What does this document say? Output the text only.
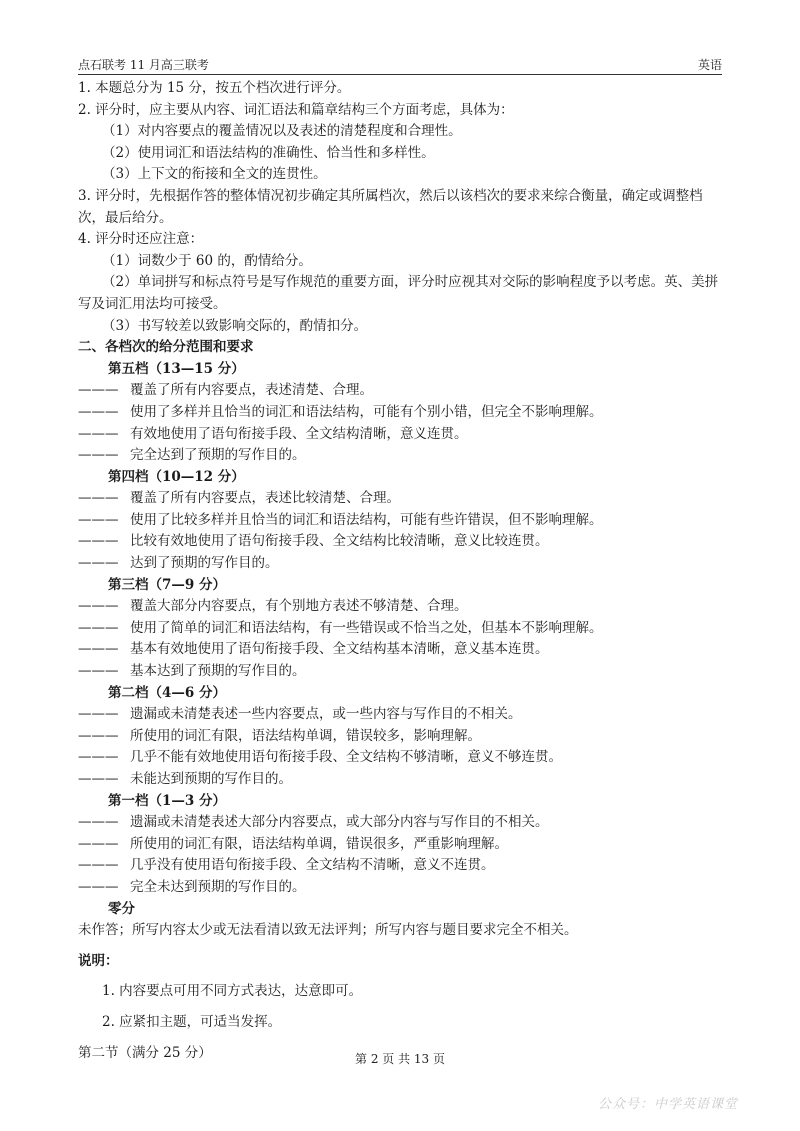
点石联考 11 月高三联考	英语
1. 本题总分为 15 分，按五个档次进行评分。
2. 评分时，应主要从内容、词汇语法和篇章结构三个方面考虑，具体为：
（1）对内容要点的覆盖情况以及表述的清楚程度和合理性。
（2）使用词汇和语法结构的准确性、恰当性和多样性。
（3）上下文的衔接和全文的连贯性。
3. 评分时，先根据作答的整体情况初步确定其所属档次，然后以该档次的要求来综合衡量，确定或调整档次，最后给分。
4. 评分时还应注意：
（1）词数少于 60 的，酌情给分。
（2）单词拼写和标点符号是写作规范的重要方面，评分时应视其对交际的影响程度予以考虑。英、美拼写及词汇用法均可接受。
（3）书写较差以致影响交际的，酌情扣分。
二、各档次的给分范围和要求
第五档（13—15 分）
——— 覆盖了所有内容要点，表述清楚、合理。
——— 使用了多样并且恰当的词汇和语法结构，可能有个别小错，但完全不影响理解。
——— 有效地使用了语句衔接手段、全文结构清晰，意义连贯。
——— 完全达到了预期的写作目的。
第四档（10—12 分）
——— 覆盖了所有内容要点，表述比较清楚、合理。
——— 使用了比较多样并且恰当的词汇和语法结构，可能有些许错误，但不影响理解。
——— 比较有效地使用了语句衔接手段、全文结构比较清晰，意义比较连贯。
——— 达到了预期的写作目的。
第三档（7—9 分）
——— 覆盖大部分内容要点，有个别地方表述不够清楚、合理。
——— 使用了简单的词汇和语法结构，有一些错误或不恰当之处，但基本不影响理解。
——— 基本有效地使用了语句衔接手段、全文结构基本清晰，意义基本连贯。
——— 基本达到了预期的写作目的。
第二档（4—6 分）
——— 遗漏或未清楚表述一些内容要点，或一些内容与写作目的不相关。
——— 所使用的词汇有限，语法结构单调，错误较多，影响理解。
——— 几乎不能有效地使用语句衔接手段、全文结构不够清晰，意义不够连贯。
——— 未能达到预期的写作目的。
第一档（1—3 分）
——— 遗漏或未清楚表述大部分内容要点，或大部分内容与写作目的不相关。
——— 所使用的词汇有限，语法结构单调，错误很多，严重影响理解。
——— 几乎没有使用语句衔接手段、全文结构不清晰，意义不连贯。
——— 完全未达到预期的写作目的。
零分
未作答；所写内容太少或无法看清以致无法评判；所写内容与题目要求完全不相关。
说明：
1. 内容要点可用不同方式表达，达意即可。
2. 应紧扣主题，可适当发挥。
第二节（满分 25 分）	第 2 页 共 13 页
公众号：中学英语课堂
